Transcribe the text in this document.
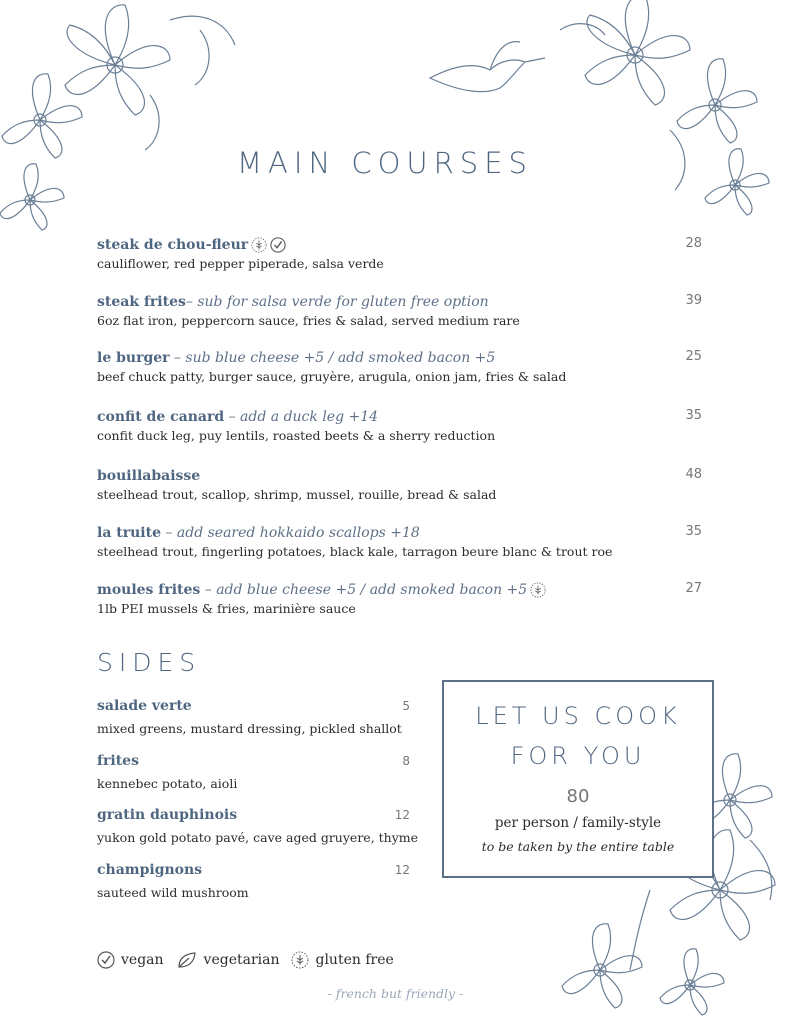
MAIN COURSES
steak de chou-fleur
cauliflower, red pepper piperade, salsa verde
28
steak frites– sub for salsa verde for gluten free option
6oz flat iron, peppercorn sauce, fries & salad, served medium rare
39
le burger – sub blue cheese +5 / add smoked bacon +5
beef chuck patty, burger sauce, gruyère, arugula, onion jam, fries & salad
25
confit de canard – add a duck leg +14
confit duck leg, puy lentils, roasted beets & a sherry reduction
35
bouillabaisse
steelhead trout, scallop, shrimp, mussel, rouille, bread & salad
48
la truite – add seared hokkaido scallops +18
steelhead trout, fingerling potatoes, black kale, tarragon beure blanc & trout roe
35
moules frites – add blue cheese +5 / add smoked bacon +5
1lb PEI mussels & fries, marinière sauce
27
SIDES
salade verte
mixed greens, mustard dressing, pickled shallot
5
frites
kennebec potato, aioli
8
gratin dauphinois
yukon gold potato pavé, cave aged gruyere, thyme
12
champignons
sauteed wild mushroom
12
LET US COOK
FOR YOU
80
per person / family-style
to be taken by the entire table
vegan	vegetarian	gluten free
- french but friendly -
